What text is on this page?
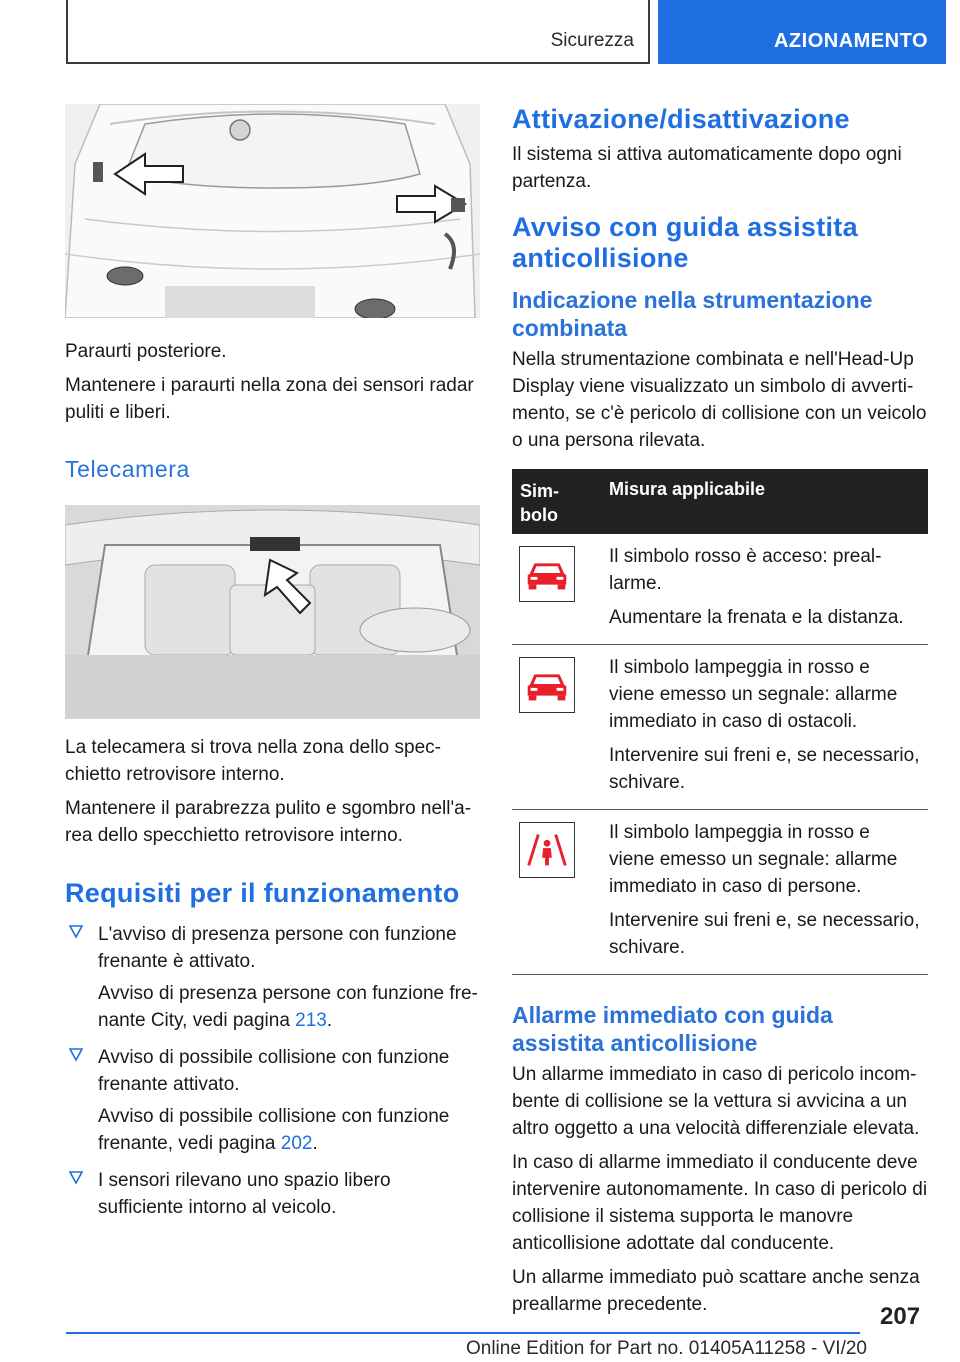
Sicurezza	AZIONAMENTO

Paraurti posteriore.

Mantenere i paraurti nella zona dei sensori radar puliti e liberi.

Telecamera

La telecamera si trova nella zona dello specchietto retrovisore interno.

Mantenere il parabrezza pulito e sgombro nell'area dello specchietto retrovisore interno.

Requisiti per il funzionamento

L'avviso di presenza persone con funzione frenante è attivato.

Avviso di presenza persone con funzione frenante City, vedi pagina 213.

Avviso di possibile collisione con funzione frenante attivato.

Avviso di possibile collisione con funzione frenante, vedi pagina 202.

I sensori rilevano uno spazio libero sufficiente intorno al veicolo.

Attivazione/disattivazione

Il sistema si attiva automaticamente dopo ogni partenza.

Avviso con guida assistita anticollisione
Indicazione nella strumentazione combinata

Nella strumentazione combinata e nell'Head-Up Display viene visualizzato un simbolo di avvertimento, se c'è pericolo di collisione con un veicolo o una persona rilevata.

Sim-
bolo
Misura applicabile

Il simbolo rosso è acceso: preallarme.

Aumentare la frenata e la distanza.

Il simbolo lampeggia in rosso e viene emesso un segnale: allarme immediato in caso di ostacoli.

Intervenire sui freni e, se necessario, schivare.

Il simbolo lampeggia in rosso e viene emesso un segnale: allarme immediato in caso di persone.

Intervenire sui freni e, se necessario, schivare.

Allarme immediato con guida assistita anticollisione

Un allarme immediato in caso di pericolo incombente di collisione se la vettura si avvicina a un altro oggetto a una velocità differenziale elevata.

In caso di allarme immediato il conducente deve intervenire autonomamente. In caso di pericolo di collisione il sistema supporta le manovre anticollisione adottate dal conducente.

Un allarme immediato può scattare anche senza preallarme precedente.	207
Online Edition for Part no. 01405A11258 - VI/20
